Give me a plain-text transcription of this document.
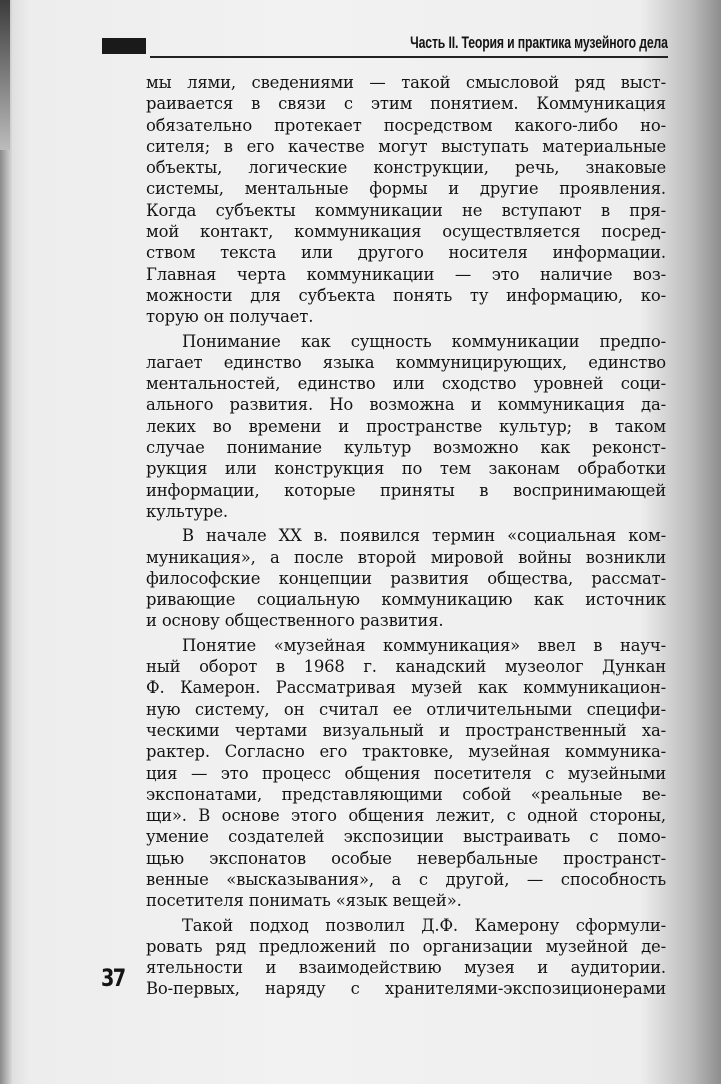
Часть II. Теория и практика музейного дела
мы лями, сведениями — такой смысловой ряд выст-
раивается в связи с этим понятием. Коммуникация
обязательно протекает посредством какого-либо но-
сителя; в его качестве могут выступать материальные
объекты, логические конструкции, речь, знаковые
системы, ментальные формы и другие проявления.
Когда субъекты коммуникации не вступают в пря-
мой контакт, коммуникация осуществляется посред-
ством текста или другого носителя информации.
Главная черта коммуникации — это наличие воз-
можности для субъекта понять ту информацию, ко-
торую он получает.
Понимание как сущность коммуникации предпо-
лагает единство языка коммуницирующих, единство
ментальностей, единство или сходство уровней соци-
ального развития. Но возможна и коммуникация да-
леких во времени и пространстве культур; в таком
случае понимание культур возможно как реконст-
рукция или конструкция по тем законам обработки
информации, которые приняты в воспринимающей
культуре.
В начале XX в. появился термин «социальная ком-
муникация», а после второй мировой войны возникли
философские концепции развития общества, рассмат-
ривающие социальную коммуникацию как источник
и основу общественного развития.
Понятие «музейная коммуникация» ввел в науч-
ный оборот в 1968 г. канадский музеолог Дункан
Ф. Камерон. Рассматривая музей как коммуникацион-
ную систему, он считал ее отличительными специфи-
ческими чертами визуальный и пространственный ха-
рактер. Согласно его трактовке, музейная коммуника-
ция — это процесс общения посетителя с музейными
экспонатами, представляющими собой «реальные ве-
щи». В основе этого общения лежит, с одной стороны,
умение создателей экспозиции выстраивать с помо-
щью экспонатов особые невербальные пространст-
венные «высказывания», а с другой, — способность
посетителя понимать «язык вещей».
Такой подход позволил Д.Ф. Камерону сформули-
ровать ряд предложений по организации музейной де-
ятельности и взаимодействию музея и аудитории.
Во-первых, наряду с хранителями-экспозиционерами
37
